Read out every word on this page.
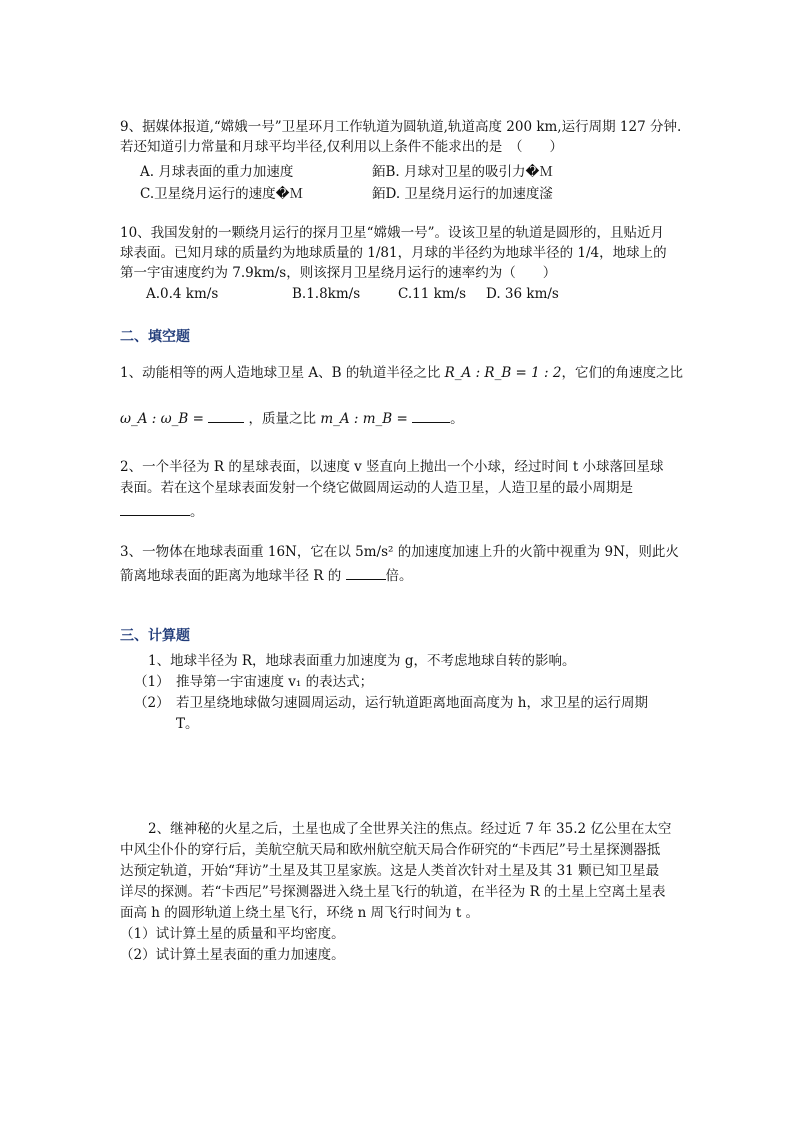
9、据媒体报道,“嫦娥一号”卫星环月工作轨道为圆轨道,轨道高度 200 km,运行周期 127 分钟.
若还知道引力常量和月球平均半径,仅利用以上条件不能求出的是　（　　）
A. 月球表面的重力加速度	銆B. 月球对卫星的吸引力�Ｍ
C.卫星绕月运行的速度�Ｍ	銆D. 卫星绕月运行的加速度滏
10、我国发射的一颗绕月运行的探月卫星“嫦娥一号”。设该卫星的轨道是圆形的，且贴近月
球表面。已知月球的质量约为地球质量的 1/81，月球的半径约为地球半径的 1/4，地球上的
第一宇宙速度约为 7.9km/s，则该探月卫星绕月运行的速率约为（　　）
A.0.4 km/s	B.1.8km/s	C.11 km/s D. 36 km/s
二、填空题
1、动能相等的两人造地球卫星 A、B 的轨道半径之比 R_A : R_B = 1 : 2，它们的角速度之比
ω_A : ω_B =	，质量之比 m_A : m_B =	。
2、一个半径为 R 的星球表面，以速度 v 竖直向上抛出一个小球，经过时间 t 小球落回星球
表面。若在这个星球表面发射一个绕它做圆周运动的人造卫星，人造卫星的最小周期是
。
3、一物体在地球表面重 16N，它在以 5m/s² 的加速度加速上升的火箭中视重为 9N，则此火
箭离地球表面的距离为地球半径 R 的	倍。
三、计算题
1、地球半径为 R，地球表面重力加速度为 g，不考虑地球自转的影响。
（1） 推导第一宇宙速度 v₁ 的表达式；
（2） 若卫星绕地球做匀速圆周运动，运行轨道距离地面高度为 h，求卫星的运行周期
T。
2、继神秘的火星之后，土星也成了全世界关注的焦点。经过近 7 年 35.2 亿公里在太空
中风尘仆仆的穿行后，美航空航天局和欧州航空航天局合作研究的“卡西尼”号土星探测器抵
达预定轨道，开始“拜访”土星及其卫星家族。这是人类首次针对土星及其 31 颗已知卫星最
详尽的探测。若“卡西尼”号探测器进入绕土星飞行的轨道，在半径为 R 的土星上空离土星表
面高 h 的圆形轨道上绕土星飞行，环绕 n 周飞行时间为 t 。
（1）试计算土星的质量和平均密度。
（2）试计算土星表面的重力加速度。
